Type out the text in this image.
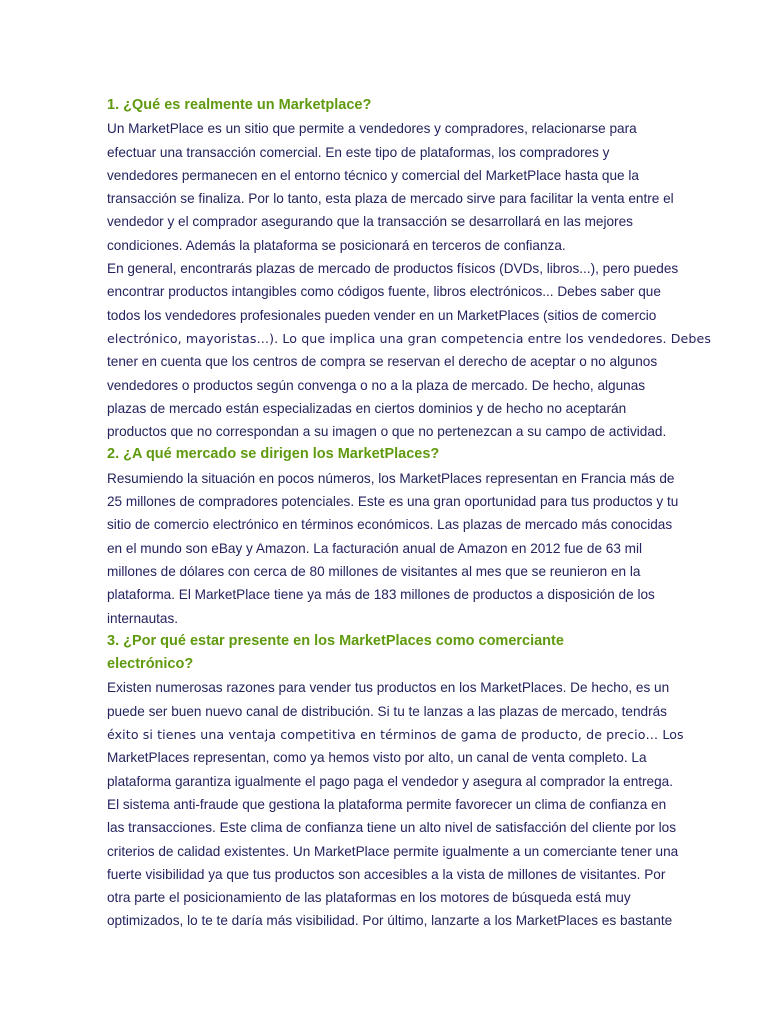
1. ¿Qué es realmente un Marketplace?

Un MarketPlace es un sitio que permite a vendedores y compradores, relacionarse para
efectuar una transacción comercial. En este tipo de plataformas, los compradores y
vendedores permanecen en el entorno técnico y comercial del MarketPlace hasta que la
transacción se finaliza. Por lo tanto, esta plaza de mercado sirve para facilitar la venta entre el
vendedor y el comprador asegurando que la transacción se desarrollará en las mejores
condiciones. Además la plataforma se posicionará en terceros de confianza.

En general, encontrarás plazas de mercado de productos físicos (DVDs, libros...), pero puedes
encontrar productos intangibles como códigos fuente, libros electrónicos... Debes saber que
todos los vendedores profesionales pueden vender en un MarketPlaces (sitios de comercio
electrónico, mayoristas…). Lo que implica una gran competencia entre los vendedores. Debes
tener en cuenta que los centros de compra se reservan el derecho de aceptar o no algunos
vendedores o productos según convenga o no a la plaza de mercado. De hecho, algunas
plazas de mercado están especializadas en ciertos dominios y de hecho no aceptarán
productos que no correspondan a su imagen o que no pertenezcan a su campo de actividad.

2. ¿A qué mercado se dirigen los MarketPlaces?

Resumiendo la situación en pocos números, los MarketPlaces representan en Francia más de
25 millones de compradores potenciales. Este es una gran oportunidad para tus productos y tu
sitio de comercio electrónico en términos económicos. Las plazas de mercado más conocidas
en el mundo son eBay y Amazon. La facturación anual de Amazon en 2012 fue de 63 mil
millones de dólares con cerca de 80 millones de visitantes al mes que se reunieron en la
plataforma. El MarketPlace tiene ya más de 183 millones de productos a disposición de los
internautas.

3. ¿Por qué estar presente en los MarketPlaces como comerciante
electrónico?

Existen numerosas razones para vender tus productos en los MarketPlaces. De hecho, es un
puede ser buen nuevo canal de distribución. Si tu te lanzas a las plazas de mercado, tendrás
éxito si tienes una ventaja competitiva en términos de gama de producto, de precio… Los
MarketPlaces representan, como ya hemos visto por alto, un canal de venta completo. La
plataforma garantiza igualmente el pago paga el vendedor y asegura al comprador la entrega.
El sistema anti-fraude que gestiona la plataforma permite favorecer un clima de confianza en
las transacciones. Este clima de confianza tiene un alto nivel de satisfacción del cliente por los
criterios de calidad existentes. Un MarketPlace permite igualmente a un comerciante tener una
fuerte visibilidad ya que tus productos son accesibles a la vista de millones de visitantes. Por
otra parte el posicionamiento de las plataformas en los motores de búsqueda está muy
optimizados, lo te te daría más visibilidad. Por último, lanzarte a los MarketPlaces es bastante
